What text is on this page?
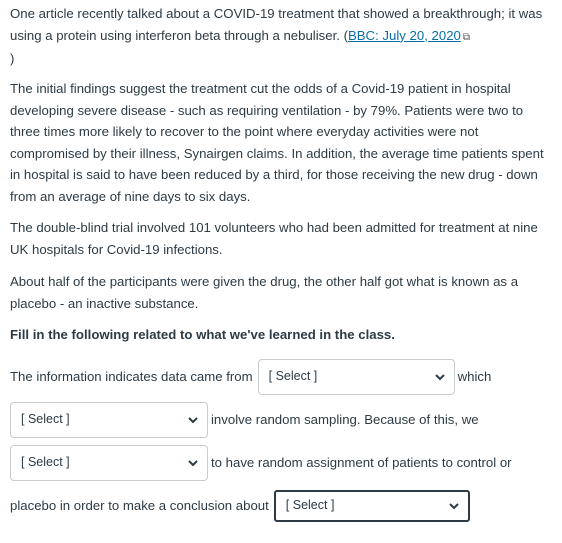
One article recently talked about a COVID-19 treatment that showed a breakthrough; it was using a protein using interferon beta through a nebuliser. (BBC: July 20, 2020 ⧉
)

The initial findings suggest the treatment cut the odds of a Covid-19 patient in hospital developing severe disease - such as requiring ventilation - by 79%. Patients were two to three times more likely to recover to the point where everyday activities were not compromised by their illness, Synairgen claims. In addition, the average time patients spent in hospital is said to have been reduced by a third, for those receiving the new drug - down from an average of nine days to six days.

The double-blind trial involved 101 volunteers who had been admitted for treatment at nine UK hospitals for Covid-19 infections.

About half of the participants were given the drug, the other half got what is known as a placebo - an inactive substance.

Fill in the following related to what we've learned in the class.

The information indicates data came from [ Select ]	which
[ Select ]	involve random sampling. Because of this, we
[ Select ]	to have random assignment of patients to control or
placebo in order to make a conclusion about [ Select ]
